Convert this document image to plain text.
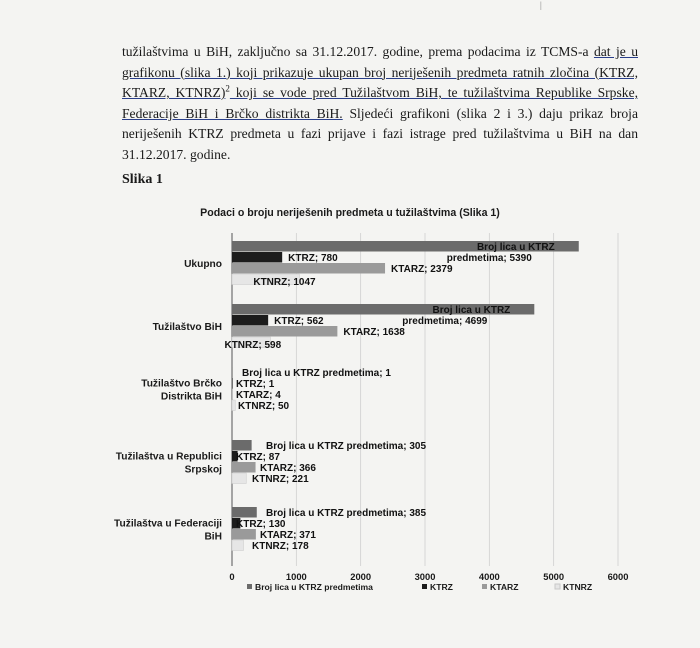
|
tužilaštvima u BiH, zaključno sa 31.12.2017. godine, prema podacima iz TCMS-a dat je u grafikonu (slika 1.) koji prikazuje ukupan broj neriješenih predmeta ratnih zločina (KTRZ, KTARZ, KTNRZ)$^2$ koji se vode pred Tužilaštvom BiH, te tužilaštvima Republike Srpske, Federacije BiH i Brčko distrikta BiH. Sljedeći grafikoni (slika 2 i 3.) daju prikaz broja neriješenih KTRZ predmeta u fazi prijave i fazi istrage pred tužilaštvima u BiH na dan 31.12.2017. godine.
Slika 1
Podaci o broju neriješenih predmeta u tužilaštvima (Slika 1)
Ukupno
Broj lica u KTRZ
predmetima; 5390
KTRZ; 780
KTARZ; 2379
KTNRZ; 1047
Tužilaštvo BiH
Broj lica u KTRZ
predmetima; 4699
KTRZ; 562
KTARZ; 1638
KTNRZ; 598
Tužilaštvo Brčko
Distrikta BiH
Broj lica u KTRZ predmetima; 1
KTRZ; 1
KTARZ; 4
KTNRZ; 50
Tužilaštva u Republici
Srpskoj
Broj lica u KTRZ predmetima; 305
KTRZ; 87
KTARZ; 366
KTNRZ; 221
Tužilaštva u Federaciji
BiH
Broj lica u KTRZ predmetima; 385
KTRZ; 130
KTARZ; 371
KTNRZ; 178
0	1000	2000	3000	4000	5000	6000
Broj lica u KTRZ predmetima	KTRZ	KTARZ	KTNRZ
